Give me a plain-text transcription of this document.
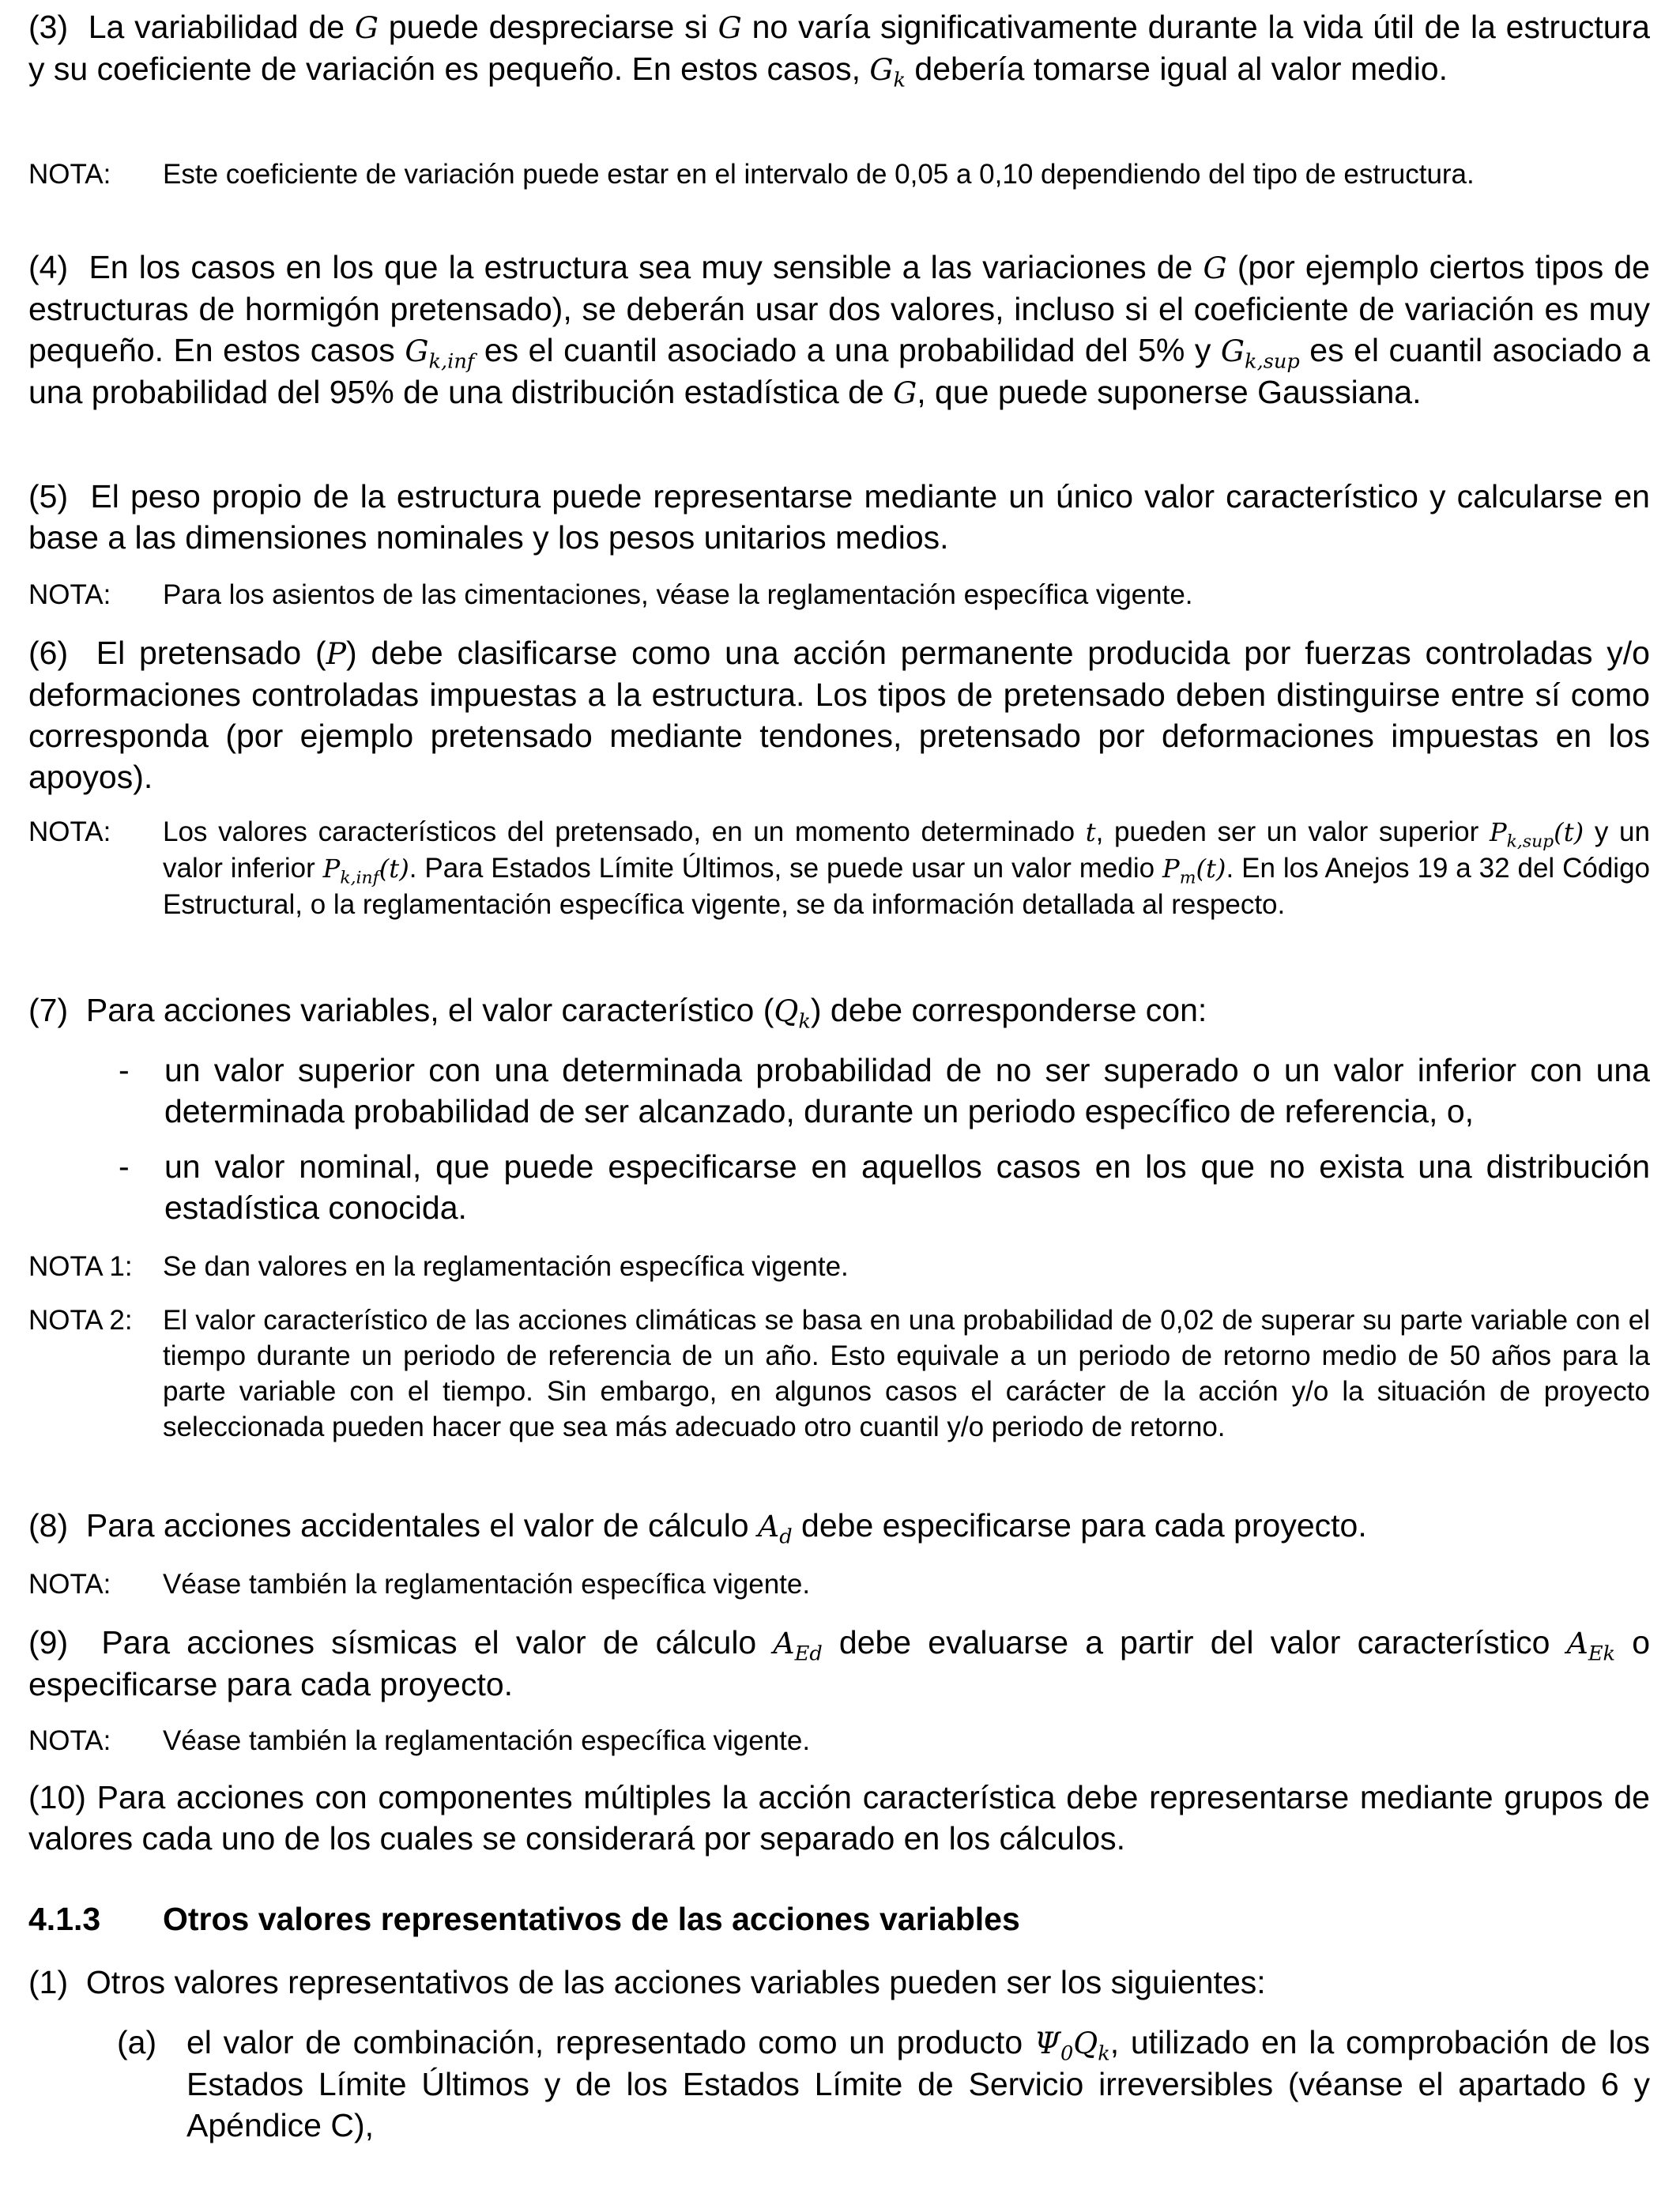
(3) La variabilidad de G puede despreciarse si G no varía significativamente durante la vida útil de la estructura y su coeficiente de variación es pequeño. En estos casos, $G_k$ debería tomarse igual al valor medio.

NOTA: Este coeficiente de variación puede estar en el intervalo de 0,05 a 0,10 dependiendo del tipo de estructura.

(4) En los casos en los que la estructura sea muy sensible a las variaciones de G (por ejemplo ciertos tipos de estructuras de hormigón pretensado), se deberán usar dos valores, incluso si el coeficiente de variación es muy pequeño. En estos casos $G_{k,inf}$ es el cuantil asociado a una probabilidad del 5% y $G_{k,sup}$ es el cuantil asociado a una probabilidad del 95% de una distribución estadística de G, que puede suponerse Gaussiana.

(5) El peso propio de la estructura puede representarse mediante un único valor característico y calcularse en base a las dimensiones nominales y los pesos unitarios medios.

NOTA: Para los asientos de las cimentaciones, véase la reglamentación específica vigente.

(6) El pretensado (P) debe clasificarse como una acción permanente producida por fuerzas controladas y/o deformaciones controladas impuestas a la estructura. Los tipos de pretensado deben distinguirse entre sí como corresponda (por ejemplo pretensado mediante tendones, pretensado por deformaciones impuestas en los apoyos).

NOTA: Los valores característicos del pretensado, en un momento determinado t, pueden ser un valor superior $P_{k,sup}(t)$ y un valor inferior $P_{k,inf}(t)$. Para Estados Límite Últimos, se puede usar un valor medio $P_m(t)$. En los Anejos 19 a 32 del Código Estructural, o la reglamentación específica vigente, se da información detallada al respecto.

(7) Para acciones variables, el valor característico $(Q_k)$ debe corresponderse con:

- un valor superior con una determinada probabilidad de no ser superado o un valor inferior con una determinada probabilidad de ser alcanzado, durante un periodo específico de referencia, o,
- un valor nominal, que puede especificarse en aquellos casos en los que no exista una distribución estadística conocida.
NOTA 1: Se dan valores en la reglamentación específica vigente.
NOTA 2: El valor característico de las acciones climáticas se basa en una probabilidad de 0,02 de superar su parte variable con el tiempo durante un periodo de referencia de un año. Esto equivale a un periodo de retorno medio de 50 años para la parte variable con el tiempo. Sin embargo, en algunos casos el carácter de la acción y/o la situación de proyecto seleccionada pueden hacer que sea más adecuado otro cuantil y/o periodo de retorno.

(8) Para acciones accidentales el valor de cálculo $A_d$ debe especificarse para cada proyecto.

NOTA: Véase también la reglamentación específica vigente.

(9) Para acciones sísmicas el valor de cálculo $A_{Ed}$ debe evaluarse a partir del valor característico $A_{Ek}$ o especificarse para cada proyecto.

NOTA: Véase también la reglamentación específica vigente.

(10) Para acciones con componentes múltiples la acción característica debe representarse mediante grupos de valores cada uno de los cuales se considerará por separado en los cálculos.

4.1.3 Otros valores representativos de las acciones variables

(1) Otros valores representativos de las acciones variables pueden ser los siguientes:

(a) el valor de combinación, representado como un producto $\Psi_0Q_k$, utilizado en la comprobación de los Estados Límite Últimos y de los Estados Límite de Servicio irreversibles (véanse el apartado 6 y Apéndice C),
